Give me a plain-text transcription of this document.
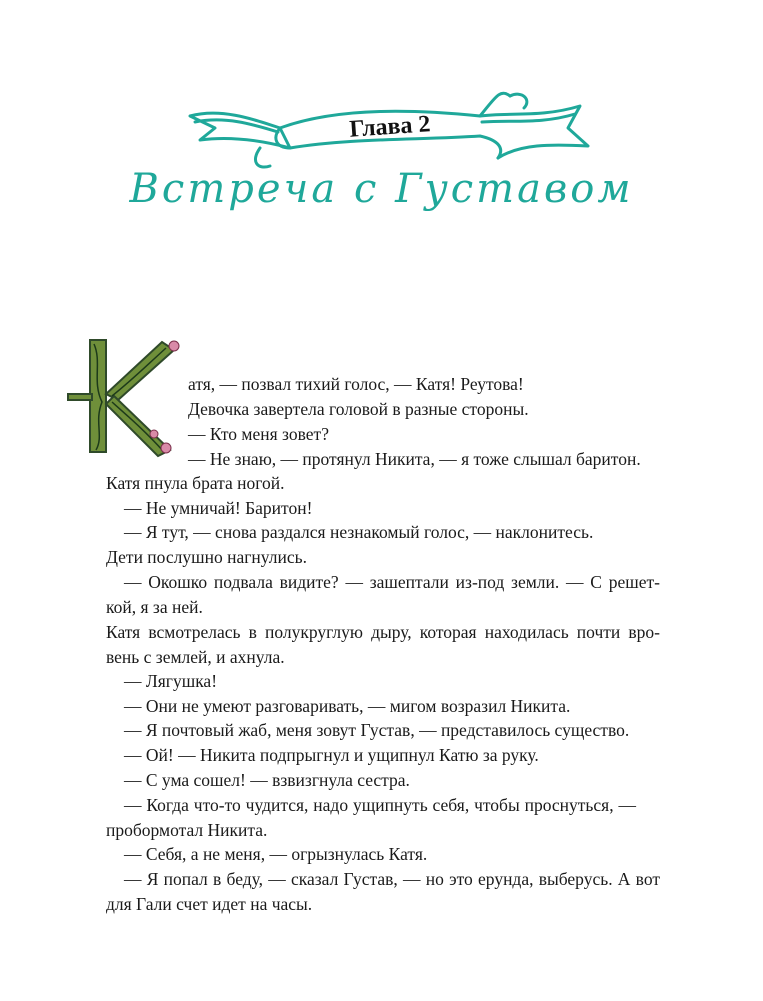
Глава 2
Встреча с Густавом
атя, — позвал тихий голос, — Катя! Реутова!
Девочка завертела головой в разные стороны.
— Кто меня зовет?
— Не знаю, — протянул Никита, — я тоже слышал баритон.
Катя пнула брата ногой.
— Не умничай! Баритон!
— Я тут, — снова раздался незнакомый голос, — наклонитесь.
Дети послушно нагнулись.
— Окошко подвала видите? — зашептали из-под земли. — С решет-
кой, я за ней.
Катя всмотрелась в полукруглую дыру, которая находилась почти вро-
вень с землей, и ахнула.
— Лягушка!
— Они не умеют разговаривать, — мигом возразил Никита.
— Я почтовый жаб, меня зовут Густав, — представилось существо.
— Ой! — Никита подпрыгнул и ущипнул Катю за руку.
— С ума сошел! — взвизгнула сестра.
— Когда что-то чудится, надо ущипнуть себя, чтобы проснуться, —
пробормотал Никита.
— Себя, а не меня, — огрызнулась Катя.
— Я попал в беду, — сказал Густав, — но это ерунда, выберусь. А вот
для Гали счет идет на часы.
